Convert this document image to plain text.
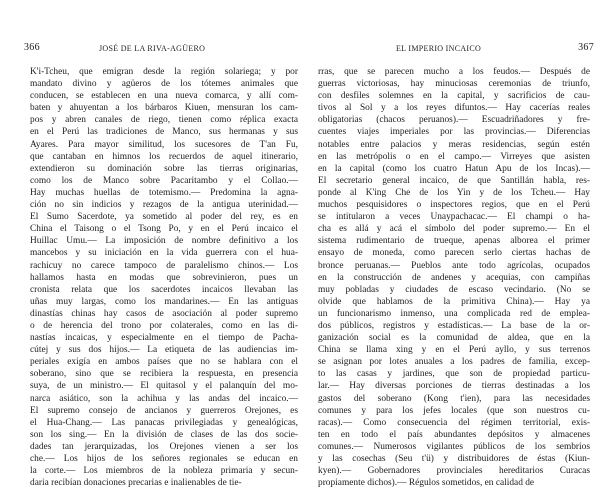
366	JOSÉ DE LA RIVA-AGÜERO
K'i-Tcheu, que emigran desde la región solariega; y por
mandato divino y agüeros de los tótemes animales que
conducen, se establecen en una nueva comarca, y allí com-
baten y ahuyentan a los bárbaros Kiuen, mensuran los cam-
pos y abren canales de riego, tienen como réplica exacta
en el Perú las tradiciones de Manco, sus hermanas y sus
Ayares. Para mayor similitud, los sucesores de T'an Fu,
que cantaban en himnos los recuerdos de aquel itinerario,
extendieron su dominación sobre las tierras originarias,
como los de Manco sobre Pacaritambo y el Collao.—
Hay muchas huellas de totemismo.— Predomina la agna-
ción no sin indicios y rezagos de la antigua uterinidad.—
El Sumo Sacerdote, ya sometido al poder del rey, es en
China el Taisong o el Tsong Po, y en el Perú incaico el
Huillac Umu.— La imposición de nombre definitivo a los
mancebos y su iniciación en la vida guerrera con el hua-
rachicuy no carece tampoco de paralelismo chinos.— Los
hallamos hasta en modas que sobrevinieron, pues un
cronista relata que los sacerdotes incaicos llevaban las
uñas muy largas, como los mandarines.— En las antiguas
dinastías chinas hay casos de asociación al poder supremo
o de herencia del trono por colaterales, como en las di-
nastías incaicas, y especialmente en el tiempo de Pacha-
cútej y sus dos hijos.— La etiqueta de las audiencias im-
periales exigía en ambos países que no se hablara con el
soberano, sino que se recibiera la respuesta, en presencia
suya, de un ministro.— El quitasol y el palanquín del mo-
narca asiático, son la achihua y las andas del incaico.—
El supremo consejo de ancianos y guerreros Orejones, es
el Hua-Chang.— Las panacas privilegiadas y genealógicas,
son los sing.— En la división de clases de las dos socie-
dades tan jerarquizadas, los Orejones vienen a ser los
che.— Los hijos de los señores regionales se educan en
la corte.— Los miembros de la nobleza primaria y secun-
daria recibían donaciones precarias e inalienables de tie-
EL IMPERIO INCAICO	367
rras, que se parecen mucho a los feudos.— Después de
guerras victoriosas, hay minuciosas ceremonias de triunfo,
con desfiles solemnes en la capital, y sacrificios de cau-
tivos al Sol y a los reyes difuntos.— Hay cacerías reales
obligatorias (chacos peruanos).— Escuadriñadores y fre-
cuentes viajes imperiales por las provincias.— Diferencias
notables entre palacios y meras residencias, según estén
en las metrópolis o en el campo.— Virreyes que asisten
en la capital (como los cuatro Hatun Apu de los Incas).—
El secretario general incaico, de que Santillán habla, res-
ponde al K'ing Che de los Yin y de los Tcheu.— Hay
muchos pesquisidores o inspectores regios, que en el Perú
se intitularon a veces Unaypachacac.— El champi o ha-
cha es allá y acá el símbolo del poder supremo.— En el
sistema rudimentario de trueque, apenas alborea el primer
ensayo de moneda, como parecen serlo ciertas hachas de
bronce peruanas.— Pueblos ante todo agrícolas, ocupados
en la construcción de andenes y acequias, con campiñas
muy pobladas y ciudades de escaso vecindario. (No se
olvide que hablamos de la primitiva China).— Hay ya
un funcionarismo inmenso, una complicada red de emplea-
dos públicos, registros y estadísticas.— La base de la or-
ganización social es la comunidad de aldea, que en la
China se llama xing y en el Perú ayllo, y sus terrenos
se asignan por lotes anuales a los padres de familia, excep-
to las casas y jardines, que son de propiedad particu-
lar.— Hay diversas porciones de tierras destinadas a los
gastos del soberano (Kong t'ien), para las necesidades
comunes y para los jefes locales (que son nuestros cu-
racas).— Como consecuencia del régimen territorial, exis-
ten en todo el país abundantes depósitos y almacenes
comunes.— Numerosos vigilantes públicos de los sembríos
y las cosechas (Seu t'ü) y distribuidores de éstas (Kiun-
kyen).— Gobernadores provinciales hereditarios Curacas
propiamente dichos).— Régulos sometidos, en calidad de
